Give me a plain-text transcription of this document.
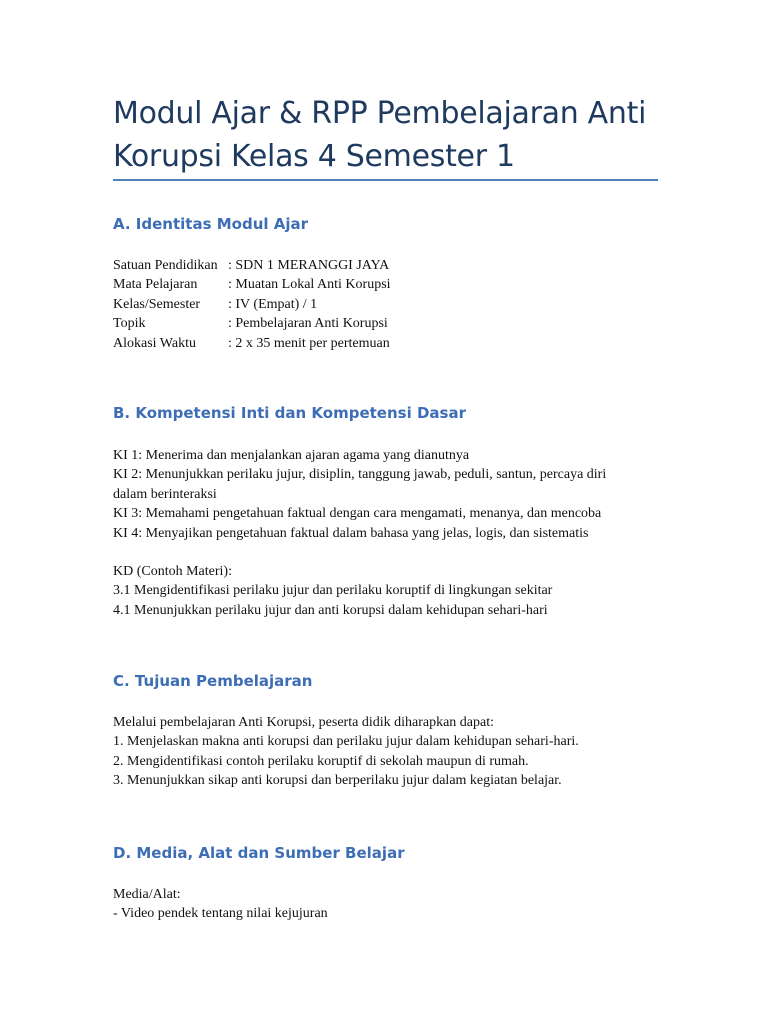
Modul Ajar & RPP Pembelajaran Anti Korupsi Kelas 4 Semester 1
A. Identitas Modul Ajar
Satuan Pendidikan : SDN 1 MERANGGI JAYA
Mata Pelajaran : Muatan Lokal Anti Korupsi
Kelas/Semester : IV (Empat) / 1
Topik	: Pembelajaran Anti Korupsi
Alokasi Waktu : 2 x 35 menit per pertemuan
B. Kompetensi Inti dan Kompetensi Dasar
KI 1: Menerima dan menjalankan ajaran agama yang dianutnya
KI 2: Menunjukkan perilaku jujur, disiplin, tanggung jawab, peduli, santun, percaya diri
dalam berinteraksi
KI 3: Memahami pengetahuan faktual dengan cara mengamati, menanya, dan mencoba
KI 4: Menyajikan pengetahuan faktual dalam bahasa yang jelas, logis, dan sistematis
KD (Contoh Materi):
3.1 Mengidentifikasi perilaku jujur dan perilaku koruptif di lingkungan sekitar
4.1 Menunjukkan perilaku jujur dan anti korupsi dalam kehidupan sehari-hari
C. Tujuan Pembelajaran
Melalui pembelajaran Anti Korupsi, peserta didik diharapkan dapat:
1. Menjelaskan makna anti korupsi dan perilaku jujur dalam kehidupan sehari-hari.
2. Mengidentifikasi contoh perilaku koruptif di sekolah maupun di rumah.
3. Menunjukkan sikap anti korupsi dan berperilaku jujur dalam kegiatan belajar.
D. Media, Alat dan Sumber Belajar
Media/Alat:
- Video pendek tentang nilai kejujuran
